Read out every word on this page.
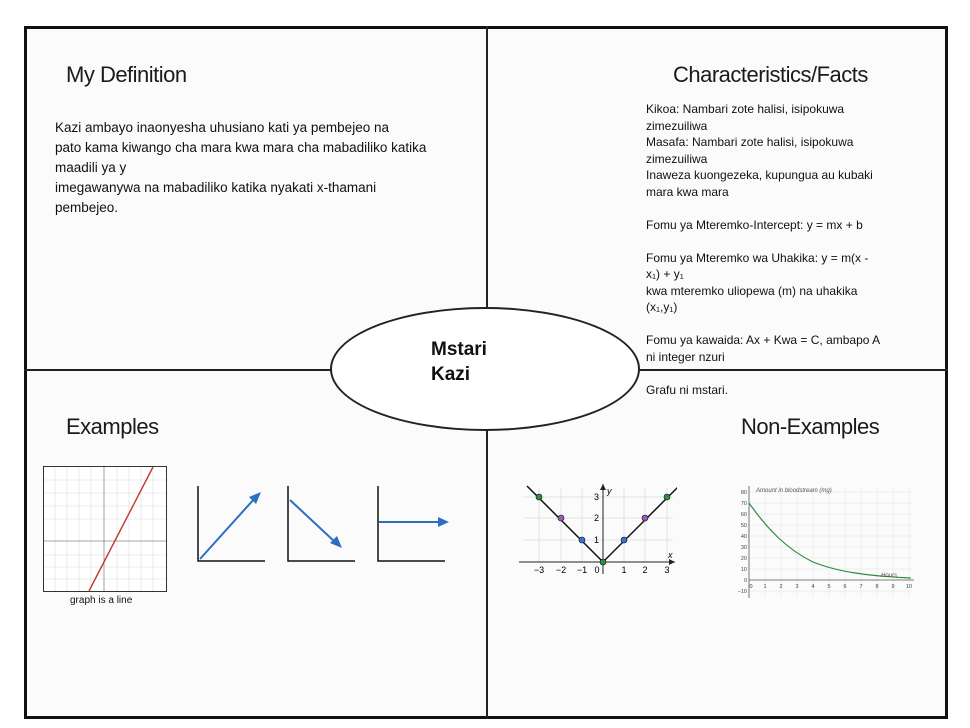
My Definition
Kazi ambayo inaonyesha uhusiano kati ya pembejeo na
pato kama kiwango cha mara kwa mara cha mabadiliko katika
maadili ya y
imegawanywa na mabadiliko katika nyakati x-thamani
pembejeo.
Characteristics/Facts
Kikoa: Nambari zote halisi, isipokuwa
zimezuiliwa
Masafa: Nambari zote halisi, isipokuwa
zimezuiliwa
Inaweza kuongezeka, kupungua au kubaki
mara kwa mara

Fomu ya Mteremko-Intercept: y = mx + b

Fomu ya Mteremko wa Uhakika: y = m(x -
x₁) + y₁
kwa mteremko uliopewa (m) na uhakika
(x₁,y₁)

Fomu ya kawaida: Ax + Kwa = C, ambapo A
ni integer nzuri

Grafu ni mstari.
Examples	Non-Examples
Mstari
Kazi
graph is a line
y
x
−3 −2 −1 0 1 2 3
1
2
3
Amount in bloodstream (mg)
Hours
80
70
60
50
40
30
20
10
0
−10
0 1 2 3 4 5 6 7 8 9 10
